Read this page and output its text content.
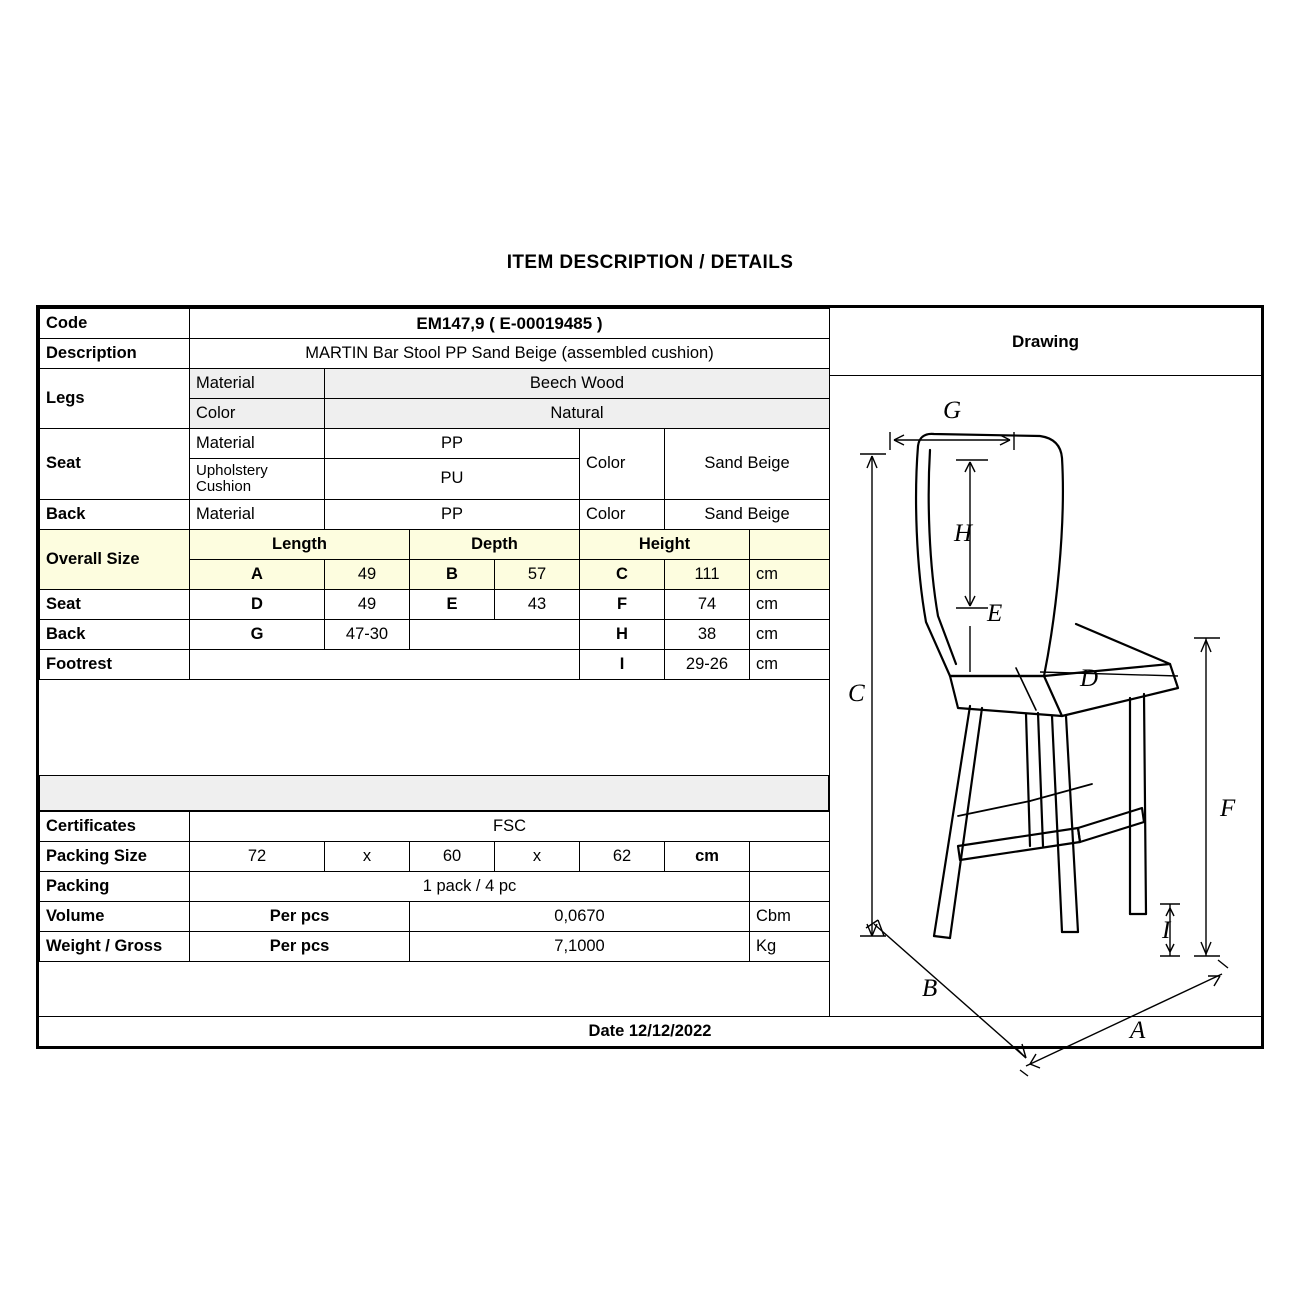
ITEM DESCRIPTION / DETAILS
Code	EM147,9 ( E-00019485 )						
Description	MARTIN Bar Stool PP Sand Beige (assembled cushion)						
Legs	Material	Beech Wood					
	Color	Natural					
Seat	Material	PP			Color	Sand Beige	
	Upholstery Cushion	PU					
Back	Material	PP			Color	Sand Beige	
Overall Size	Length		Depth		Height		
	A	49	B	57	C	111	cm
Seat	D	49	E	43	F	74	cm
Back	G	47-30			H	38	cm
Footrest					I	29-26	cm
Certificates	FSC						
Packing Size	72	x	60	x	62	cm	
Packing	1 pack / 4 pc						
Volume	Per pcs		0,0670				Cbm
Weight / Gross	Per pcs		7,1000				Kg
Drawing
G
H
C
E
D
F
I
B
A
Date 12/12/2022
